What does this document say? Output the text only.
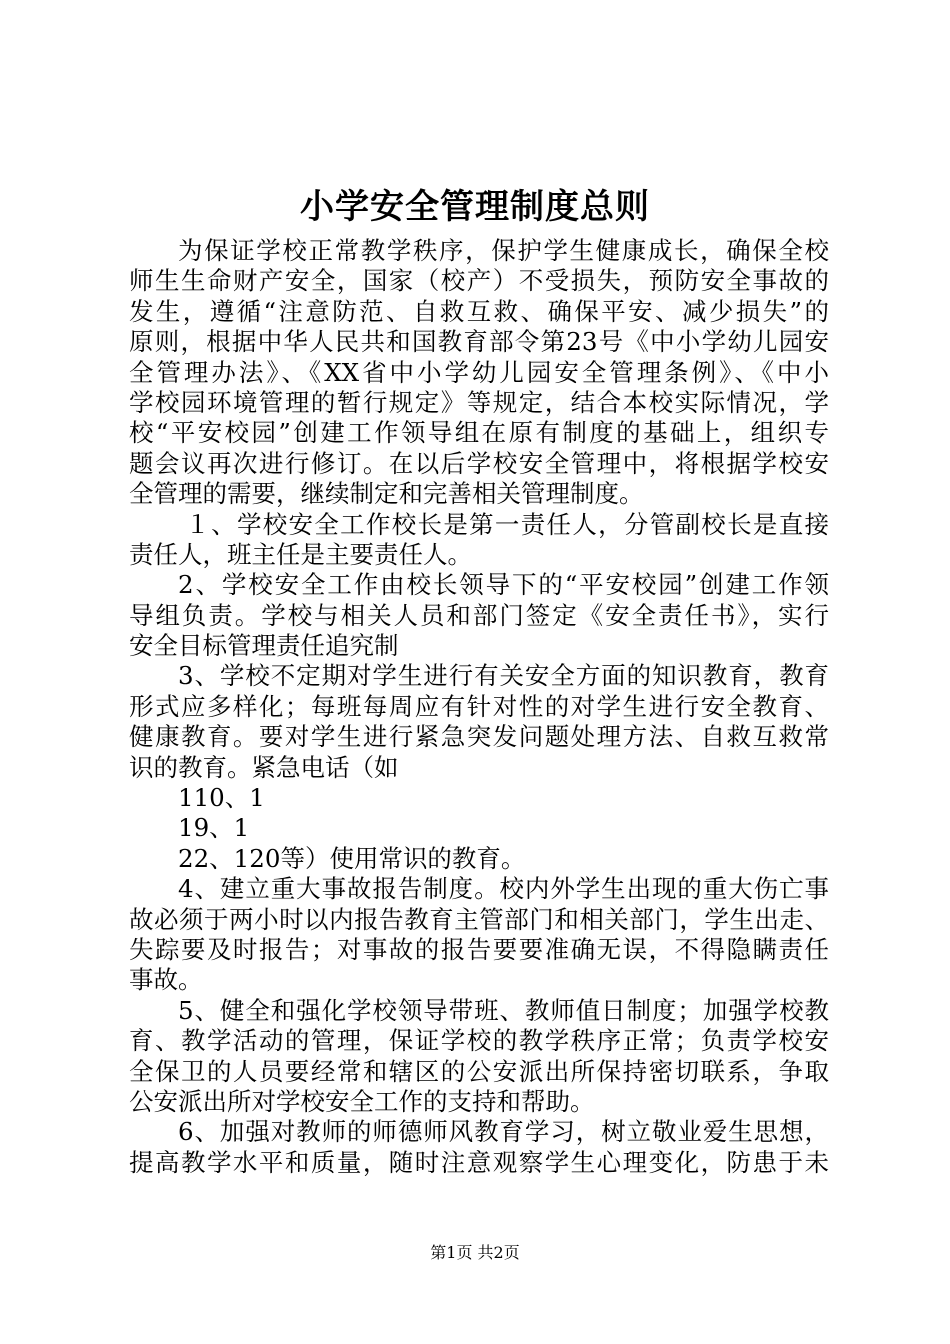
小学安全管理制度总则
为保证学校正常教学秩序，保护学生健康成长，确保全校
师生生命财产安全，国家（校产）不受损失，预防安全事故的
发生，遵循“注意防范、自救互救、确保平安、减少损失”的
原则，根据中华人民共和国教育部令第23号《中小学幼儿园安
全管理办法》、《XX省中小学幼儿园安全管理条例》、《中小
学校园环境管理的暂行规定》等规定，结合本校实际情况，学
校“平安校园”创建工作领导组在原有制度的基础上，组织专
题会议再次进行修订。在以后学校安全管理中，将根据学校安
全管理的需要，继续制定和完善相关管理制度。
１、学校安全工作校长是第一责任人，分管副校长是直接
责任人，班主任是主要责任人。
2、学校安全工作由校长领导下的“平安校园”创建工作领
导组负责。学校与相关人员和部门签定《安全责任书》，实行
安全目标管理责任追究制
3、学校不定期对学生进行有关安全方面的知识教育，教育
形式应多样化；每班每周应有针对性的对学生进行安全教育、
健康教育。要对学生进行紧急突发问题处理方法、自救互救常
识的教育。紧急电话（如
110、1
19、1
22、120等）使用常识的教育。
4、建立重大事故报告制度。校内外学生出现的重大伤亡事
故必须于两小时以内报告教育主管部门和相关部门，学生出走、
失踪要及时报告；对事故的报告要要准确无误，不得隐瞒责任
事故。
5、健全和强化学校领导带班、教师值日制度；加强学校教
育、教学活动的管理，保证学校的教学秩序正常；负责学校安
全保卫的人员要经常和辖区的公安派出所保持密切联系，争取
公安派出所对学校安全工作的支持和帮助。
6、加强对教师的师德师风教育学习，树立敬业爱生思想，
提高教学水平和质量，随时注意观察学生心理变化，防患于未
第1页 共2页
